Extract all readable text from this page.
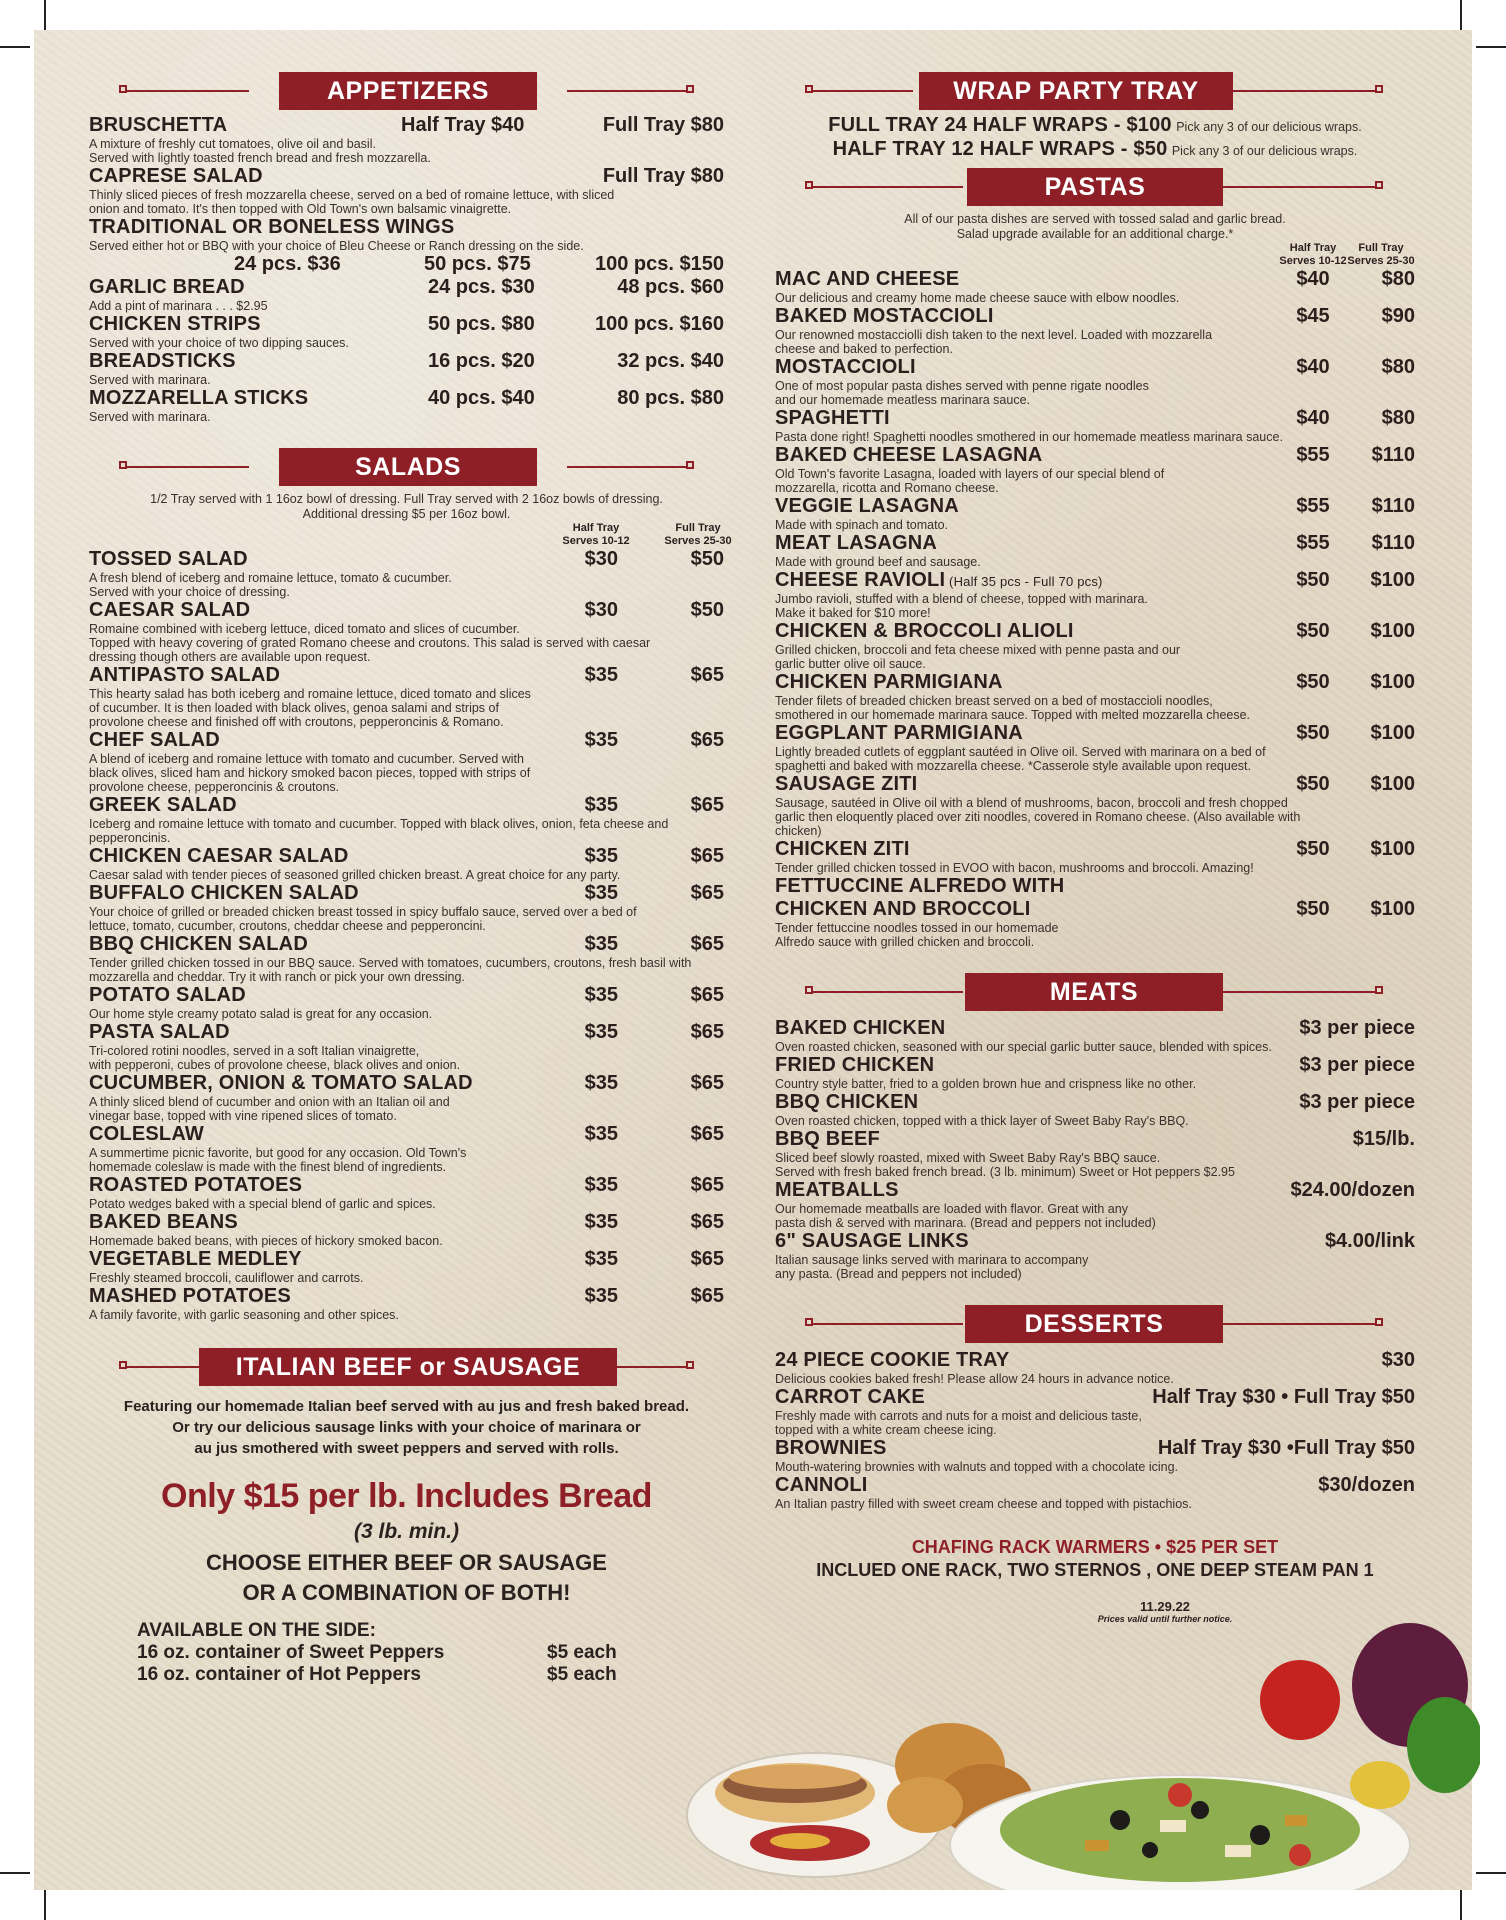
APPETIZERS
BRUSCHETTA	Half Tray $40	Full Tray $80
A mixture of freshly cut tomatoes, olive oil and basil.
Served with lightly toasted french bread and fresh mozzarella.
CAPRESE SALAD	Full Tray $80
Thinly sliced pieces of fresh mozzarella cheese, served on a bed of romaine lettuce, with sliced
onion and tomato. It's then topped with Old Town's own balsamic vinaigrette.
TRADITIONAL OR BONELESS WINGS
Served either hot or BBQ with your choice of Bleu Cheese or Ranch dressing on the side.
24 pcs. $36	50 pcs. $75	100 pcs. $150
GARLIC BREAD	24 pcs. $30	48 pcs. $60
Add a pint of marinara . . . $2.95
CHICKEN STRIPS	50 pcs. $80	100 pcs. $160
Served with your choice of two dipping sauces.
BREADSTICKS	16 pcs. $20	32 pcs. $40
Served with marinara.
MOZZARELLA STICKS	40 pcs. $40	80 pcs. $80
Served with marinara.
SALADS
1/2 Tray served with 1 16oz bowl of dressing. Full Tray served with 2 16oz bowls of dressing.
Additional dressing $5 per 16oz bowl.
Half Tray
Serves 10-12
Full Tray
Serves 25-30
TOSSED SALAD	$30	$50
A fresh blend of iceberg and romaine lettuce, tomato & cucumber.
Served with your choice of dressing.
CAESAR SALAD	$30	$50
Romaine combined with iceberg lettuce, diced tomato and slices of cucumber.
Topped with heavy covering of grated Romano cheese and croutons. This salad is served with caesar
dressing though others are available upon request.
ANTIPASTO SALAD	$35	$65
This hearty salad has both iceberg and romaine lettuce, diced tomato and slices
of cucumber. It is then loaded with black olives, genoa salami and strips of
provolone cheese and finished off with croutons, pepperoncinis & Romano.
CHEF SALAD	$35	$65
A blend of iceberg and romaine lettuce with tomato and cucumber. Served with
black olives, sliced ham and hickory smoked bacon pieces, topped with strips of
provolone cheese, pepperoncinis & croutons.
GREEK SALAD	$35	$65
Iceberg and romaine lettuce with tomato and cucumber. Topped with black olives, onion, feta cheese and
pepperoncinis.
CHICKEN CAESAR SALAD	$35	$65
Caesar salad with tender pieces of seasoned grilled chicken breast. A great choice for any party.
BUFFALO CHICKEN SALAD	$35	$65
Your choice of grilled or breaded chicken breast tossed in spicy buffalo sauce, served over a bed of
lettuce, tomato, cucumber, croutons, cheddar cheese and pepperoncini.
BBQ CHICKEN SALAD	$35	$65
Tender grilled chicken tossed in our BBQ sauce. Served with tomatoes, cucumbers, croutons, fresh basil with
mozzarella and cheddar. Try it with ranch or pick your own dressing.
POTATO SALAD	$35	$65
Our home style creamy potato salad is great for any occasion.
PASTA SALAD	$35	$65
Tri-colored rotini noodles, served in a soft Italian vinaigrette,
with pepperoni, cubes of provolone cheese, black olives and onion.
CUCUMBER, ONION & TOMATO SALAD	$35	$65
A thinly sliced blend of cucumber and onion with an Italian oil and
vinegar base, topped with vine ripened slices of tomato.
COLESLAW	$35	$65
A summertime picnic favorite, but good for any occasion. Old Town's
homemade coleslaw is made with the finest blend of ingredients.
ROASTED POTATOES	$35	$65
Potato wedges baked with a special blend of garlic and spices.
BAKED BEANS	$35	$65
Homemade baked beans, with pieces of hickory smoked bacon.
VEGETABLE MEDLEY	$35	$65
Freshly steamed broccoli, cauliflower and carrots.
MASHED POTATOES	$35	$65
A family favorite, with garlic seasoning and other spices.
ITALIAN BEEF or SAUSAGE
Featuring our homemade Italian beef served with au jus and fresh baked bread.
Or try our delicious sausage links with your choice of marinara or
au jus smothered with sweet peppers and served with rolls.
Only $15 per lb. Includes Bread
(3 lb. min.)
CHOOSE EITHER BEEF OR SAUSAGE
OR A COMBINATION OF BOTH!
AVAILABLE ON THE SIDE:
16 oz. container of Sweet Peppers	$5 each
16 oz. container of Hot Peppers	$5 each
WRAP PARTY TRAY
FULL TRAY 24 HALF WRAPS - $100 Pick any 3 of our delicious wraps.
HALF TRAY 12 HALF WRAPS - $50 Pick any 3 of our delicious wraps.
PASTAS
All of our pasta dishes are served with tossed salad and garlic bread.
Salad upgrade available for an additional charge.*
Half Tray
Serves 10-12
Full Tray
Serves 25-30
MAC AND CHEESE	$40	$80
Our delicious and creamy home made cheese sauce with elbow noodles.
BAKED MOSTACCIOLI	$45	$90
Our renowned mostacciolli dish taken to the next level. Loaded with mozzarella
cheese and baked to perfection.
MOSTACCIOLI	$40	$80
One of most popular pasta dishes served with penne rigate noodles
and our homemade meatless marinara sauce.
SPAGHETTI	$40	$80
Pasta done right! Spaghetti noodles smothered in our homemade meatless marinara sauce.
BAKED CHEESE LASAGNA	$55	$110
Old Town's favorite Lasagna, loaded with layers of our special blend of
mozzarella, ricotta and Romano cheese.
VEGGIE LASAGNA	$55	$110
Made with spinach and tomato.
MEAT LASAGNA	$55	$110
Made with ground beef and sausage.
CHEESE RAVIOLI (Half 35 pcs - Full 70 pcs)	$50	$100
Jumbo ravioli, stuffed with a blend of cheese, topped with marinara.
Make it baked for $10 more!
CHICKEN & BROCCOLI ALIOLI	$50	$100
Grilled chicken, broccoli and feta cheese mixed with penne pasta and our
garlic butter olive oil sauce.
CHICKEN PARMIGIANA	$50	$100
Tender filets of breaded chicken breast served on a bed of mostaccioli noodles,
smothered in our homemade marinara sauce. Topped with melted mozzarella cheese.
EGGPLANT PARMIGIANA	$50	$100
Lightly breaded cutlets of eggplant sautéed in Olive oil. Served with marinara on a bed of
spaghetti and baked with mozzarella cheese. *Casserole style available upon request.
SAUSAGE ZITI	$50	$100
Sausage, sautéed in Olive oil with a blend of mushrooms, bacon, broccoli and fresh chopped
garlic then eloquently placed over ziti noodles, covered in Romano cheese. (Also available with
chicken)
CHICKEN ZITI	$50	$100
Tender grilled chicken tossed in EVOO with bacon, mushrooms and broccoli. Amazing!
FETTUCCINE ALFREDO WITH
CHICKEN AND BROCCOLI	$50	$100
Tender fettuccine noodles tossed in our homemade
Alfredo sauce with grilled chicken and broccoli.
MEATS
BAKED CHICKEN	$3 per piece
Oven roasted chicken, seasoned with our special garlic butter sauce, blended with spices.
FRIED CHICKEN	$3 per piece
Country style batter, fried to a golden brown hue and crispness like no other.
BBQ CHICKEN	$3 per piece
Oven roasted chicken, topped with a thick layer of Sweet Baby Ray's BBQ.
BBQ BEEF	$15/lb.
Sliced beef slowly roasted, mixed with Sweet Baby Ray's BBQ sauce.
Served with fresh baked french bread. (3 lb. minimum) Sweet or Hot peppers $2.95
MEATBALLS	$24.00/dozen
Our homemade meatballs are loaded with flavor. Great with any
pasta dish & served with marinara. (Bread and peppers not included)
6" SAUSAGE LINKS	$4.00/link
Italian sausage links served with marinara to accompany
any pasta. (Bread and peppers not included)
DESSERTS
24 PIECE COOKIE TRAY	$30
Delicious cookies baked fresh! Please allow 24 hours in advance notice.
CARROT CAKE	Half Tray $30 • Full Tray $50
Freshly made with carrots and nuts for a moist and delicious taste,
topped with a white cream cheese icing.
BROWNIES	Half Tray $30 •Full Tray $50
Mouth-watering brownies with walnuts and topped with a chocolate icing.
CANNOLI	$30/dozen
An Italian pastry filled with sweet cream cheese and topped with pistachios.
CHAFING RACK WARMERS • $25 PER SET
INCLUED ONE RACK, TWO STERNOS , ONE DEEP STEAM PAN 1
11.29.22
Prices valid until further notice.
